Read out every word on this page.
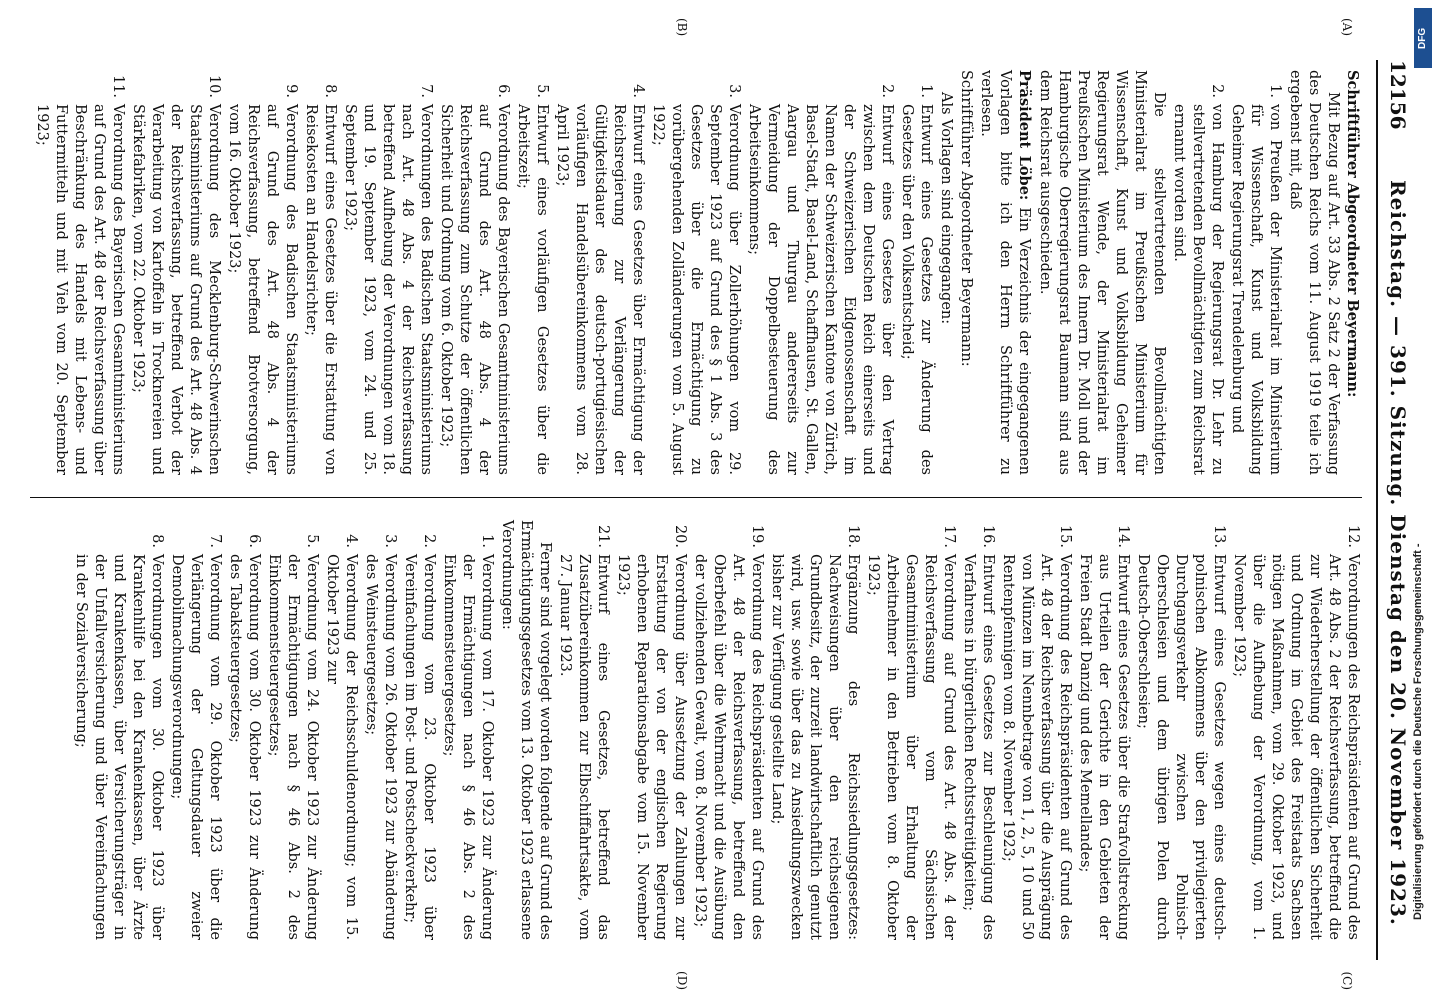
12156
Reichstag. — 391. Sitzung. Dienstag den 20. November 1923.
(A)
(B)
(C)
(D)

Schriftführer Abgeordneter Beyermann:

Mit Bezug auf Art. 33 Abs. 2 Satz 2 der Verfassung des Deutschen Reichs vom 11. August 1919 teile ich ergebenst mit, daß

1.
von Preußen der Ministerialrat im Ministerium für Wissenschaft, Kunst und Volksbildung Geheimer Regierungsrat Trendelenburg und
2.
von Hamburg der Regierungsrat Dr. Lehr zu stellvertretenden Bevollmächtigten zum Reichsrat ernannt worden sind.

Die stellvertretenden Bevollmächtigten Ministerialrat im Preußischen Ministerium für Wissenschaft, Kunst und Volksbildung Geheimer Regierungsrat Wende, der Ministerialrat im Preußischen Ministerium des Innern Dr. Moll und der Hamburgische Oberregierungsrat Baumann sind aus dem Reichsrat ausgeschieden.

Präsident Löbe: Ein Verzeichnis der eingegangenen Vorlagen bitte ich den Herrn Schriftführer zu verlesen.

Schriftführer Abgeordneter Beyermann:

Als Vorlagen sind eingegangen:

1.
Entwurf eines Gesetzes zur Änderung des Gesetzes über den Volksentscheid;
2.
Entwurf eines Gesetzes über den Vertrag zwischen dem Deutschen Reich einerseits und der Schweizerischen Eidgenossenschaft im Namen der Schweizerischen Kantone von Zürich, Basel-Stadt, Basel-Land, Schaffhausen, St. Gallen, Aargau und Thurgau andererseits zur Vermeidung der Doppelbesteuerung des Arbeitseinkommens;
3.
Verordnung über Zollerhöhungen vom 29. September 1923 auf Grund des § 1 Abs. 3 des Gesetzes über die Ermächtigung zu vorübergehenden Zolländerungen vom 5. August 1922;
4.
Entwurf eines Gesetzes über Ermächtigung der Reichsregierung zur Verlängerung der Gültigkeitsdauer des deutsch-portugiesischen vorläufigen Handelsübereinkommens vom 28. April 1923;
5.
Entwurf eines vorläufigen Gesetzes über die Arbeitszeit;
6.
Verordnung des Bayerischen Gesamtministeriums auf Grund des Art. 48 Abs. 4 der Reichsverfassung zum Schutze der öffentlichen Sicherheit und Ordnung vom 6. Oktober 1923;
7.
Verordnungen des Badischen Staatsministeriums nach Art. 48 Abs. 4 der Reichsverfassung betreffend Aufhebung der Verordnungen vom 18. und 19. September 1923, vom 24. und 25. September 1923;
8.
Entwurf eines Gesetzes über die Erstattung von Reisekosten an Handelsrichter;
9.
Verordnung des Badischen Staatsministeriums auf Grund des Art. 48 Abs. 4 der Reichsverfassung, betreffend Brotversorgung, vom 16. Oktober 1923;
10.
Verordnung des Mecklenburg-Schwerinschen Staatsministeriums auf Grund des Art. 48 Abs. 4 der Reichsverfassung, betreffend Verbot der Verarbeitung von Kartoffeln in Trocknereien und Stärkefabriken, vom 22. Oktober 1923;
11.
Verordnung des Bayerischen Gesamtministeriums auf Grund des Art. 48 der Reichsverfassung über Beschränkung des Handels mit Lebens- und Futtermitteln und mit Vieh vom 20. September 1923;
12.
Verordnungen des Reichspräsidenten auf Grund des Art. 48 Abs. 2 der Reichsverfassung, betreffend die zur Wiederherstellung der öffentlichen Sicherheit und Ordnung im Gebiet des Freistaats Sachsen nötigen Maßnahmen, vom 29. Oktober 1923, und über die Aufhebung der Verordnung, vom 1. November 1923;
13.
Entwurf eines Gesetzes wegen eines deutsch-polnischen Abkommens über den privilegierten Durchgangsverkehr zwischen Polnisch-Oberschlesien und dem übrigen Polen durch Deutsch-Oberschlesien;
14.
Entwurf eines Gesetzes über die Strafvollstreckung aus Urteilen der Gerichte in den Gebieten der Freien Stadt Danzig und des Memellandes;
15.
Verordnung des Reichspräsidenten auf Grund des Art. 48 der Reichsverfassung über die Ausprägung von Münzen im Nennbetrage von 1, 2, 5, 10 und 50 Rentenpfennigen vom 8. November 1923;
16.
Entwurf eines Gesetzes zur Beschleunigung des Verfahrens in bürgerlichen Rechtsstreitigkeiten;
17.
Verordnung auf Grund des Art. 48 Abs. 4 der Reichsverfassung vom Sächsischen Gesamtministerium über Erhaltung der Arbeitnehmer in den Betrieben vom 8. Oktober 1923;
18.
Ergänzung des Reichssiedlungsgesetzes: Nachweisungen über den reichseigenen Grundbesitz, der zurzeit landwirtschaftlich genutzt wird, usw. sowie über das zu Ansiedlungszwecken bisher zur Verfügung gestellte Land;
19.
Verordnung des Reichspräsidenten auf Grund des Art. 48 der Reichsverfassung, betreffend den Oberbefehl über die Wehrmacht und die Ausübung der vollziehenden Gewalt, vom 8. November 1923;
20.
Verordnung über Aussetzung der Zahlungen zur Erstattung der von der englischen Regierung erhobenen Reparationsabgabe vom 15. November 1923;
21.
Entwurf eines Gesetzes, betreffend das Zusatzübereinkommen zur Elbschiffahrtsakte, vom 27. Januar 1923.

Ferner sind vorgelegt worden folgende auf Grund des Ermächtigungsgesetzes vom 13. Oktober 1923 erlassene Verordnungen:

1.
Verordnung vom 17. Oktober 1923 zur Änderung der Ermächtigungen nach § 46 Abs. 2 des Einkommensteuergesetzes;
2.
Verordnung vom 23. Oktober 1923 über Vereinfachungen im Post- und Postscheckverkehr;
3.
Verordnung vom 26. Oktober 1923 zur Abänderung des Weinsteuergesetzes;
4.
Verordnung der Reichsschuldenordnung; vom 15. Oktober 1923 zur
5.
Verordnung vom 24. Oktober 1923 zur Änderung der Ermächtigungen nach § 46 Abs. 2 des Einkommensteuergesetzes;
6.
Verordnung vom 30. Oktober 1923 zur Änderung des Tabaksteuergesetzes;
7.
Verordnung vom 29. Oktober 1923 über die Verlängerung der Geltungsdauer zweier Demobilmachungsverordnungen;
8.
Verordnungen vom 30. Oktober 1923 über Krankenhilfe bei den Krankenkassen, über Ärzte und Krankenkassen, über Versicherungsträger in der Unfallversicherung und über Vereinfachungen in der Sozialversicherung;	Digitalisierung gefördert durch die Deutsche Forschungsgemeinschaft -
DFG
